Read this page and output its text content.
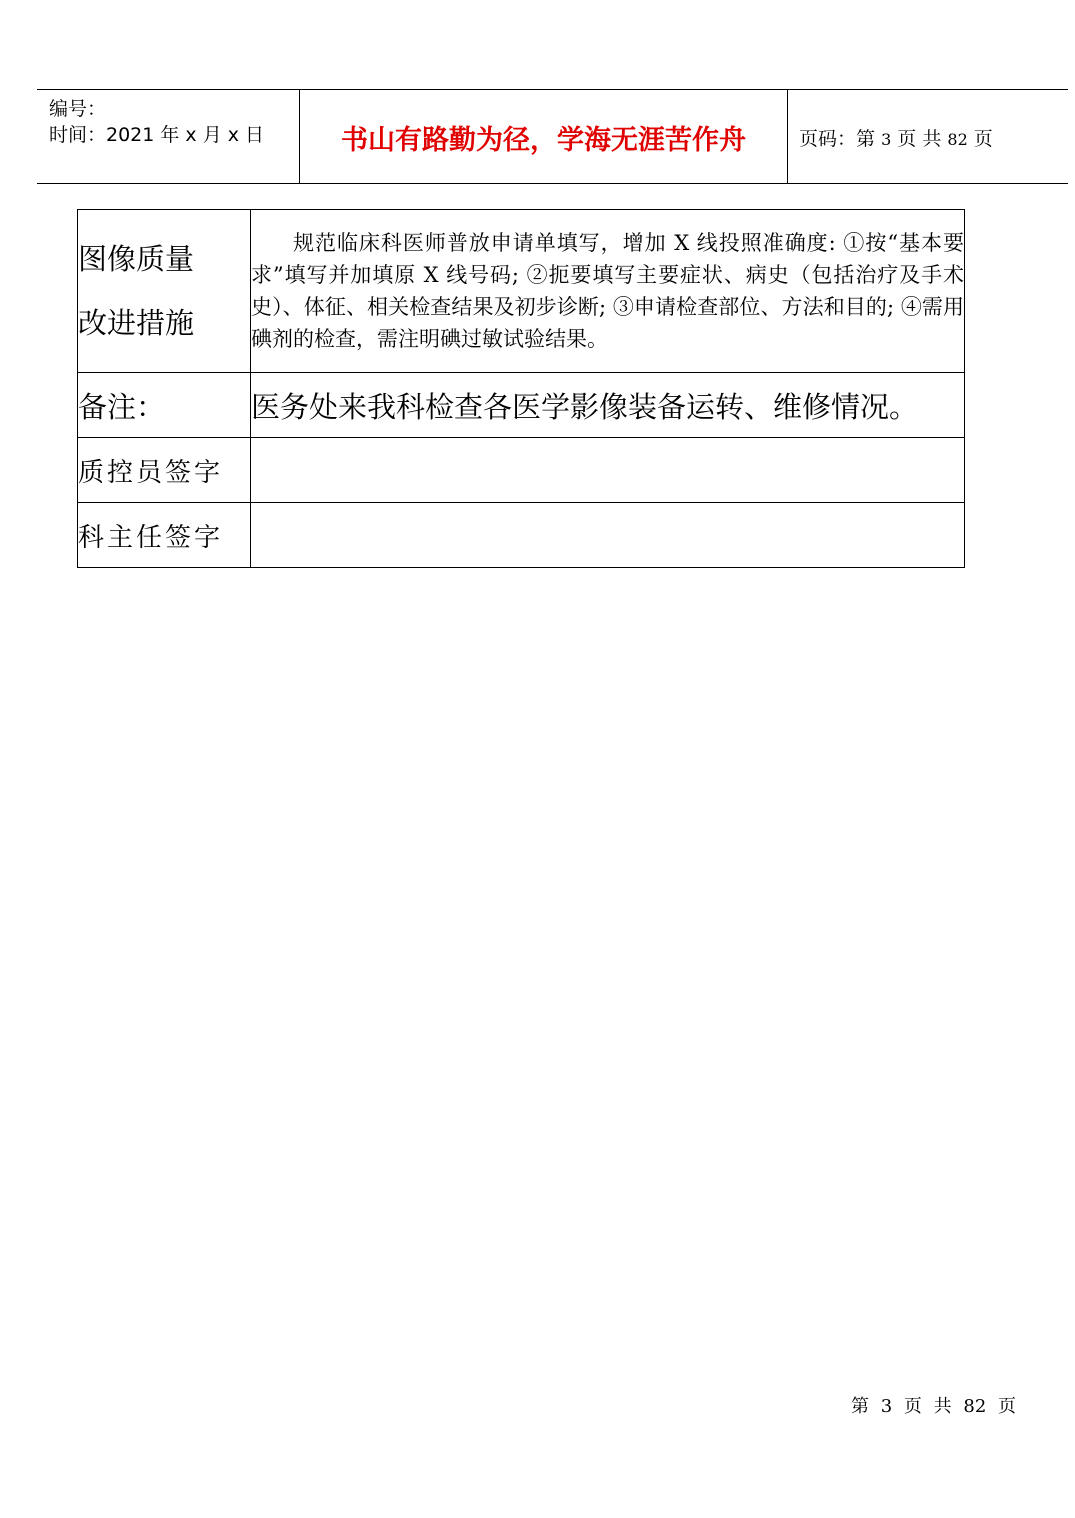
编号：
时间：2021 年 x 月 x 日	书山有路勤为径，学海无涯苦作舟	页码：第 3 页 共 82 页
图像质量
改进措施	规范临床科医师普放申请单填写，增加 X 线投照准确度: ①按“基本要求”填写并加填原 X 线号码; ②扼要填写主要症状、病史（包括治疗及手术史）、体征、相关检查结果及初步诊断; ③申请检查部位、方法和目的; ④需用碘剂的检查，需注明碘过敏试验结果。

备注：	医务处来我科检查各医学影像装备运转、维修情况。

质控员签字	
科主任签字	
第 3 页 共 82 页
